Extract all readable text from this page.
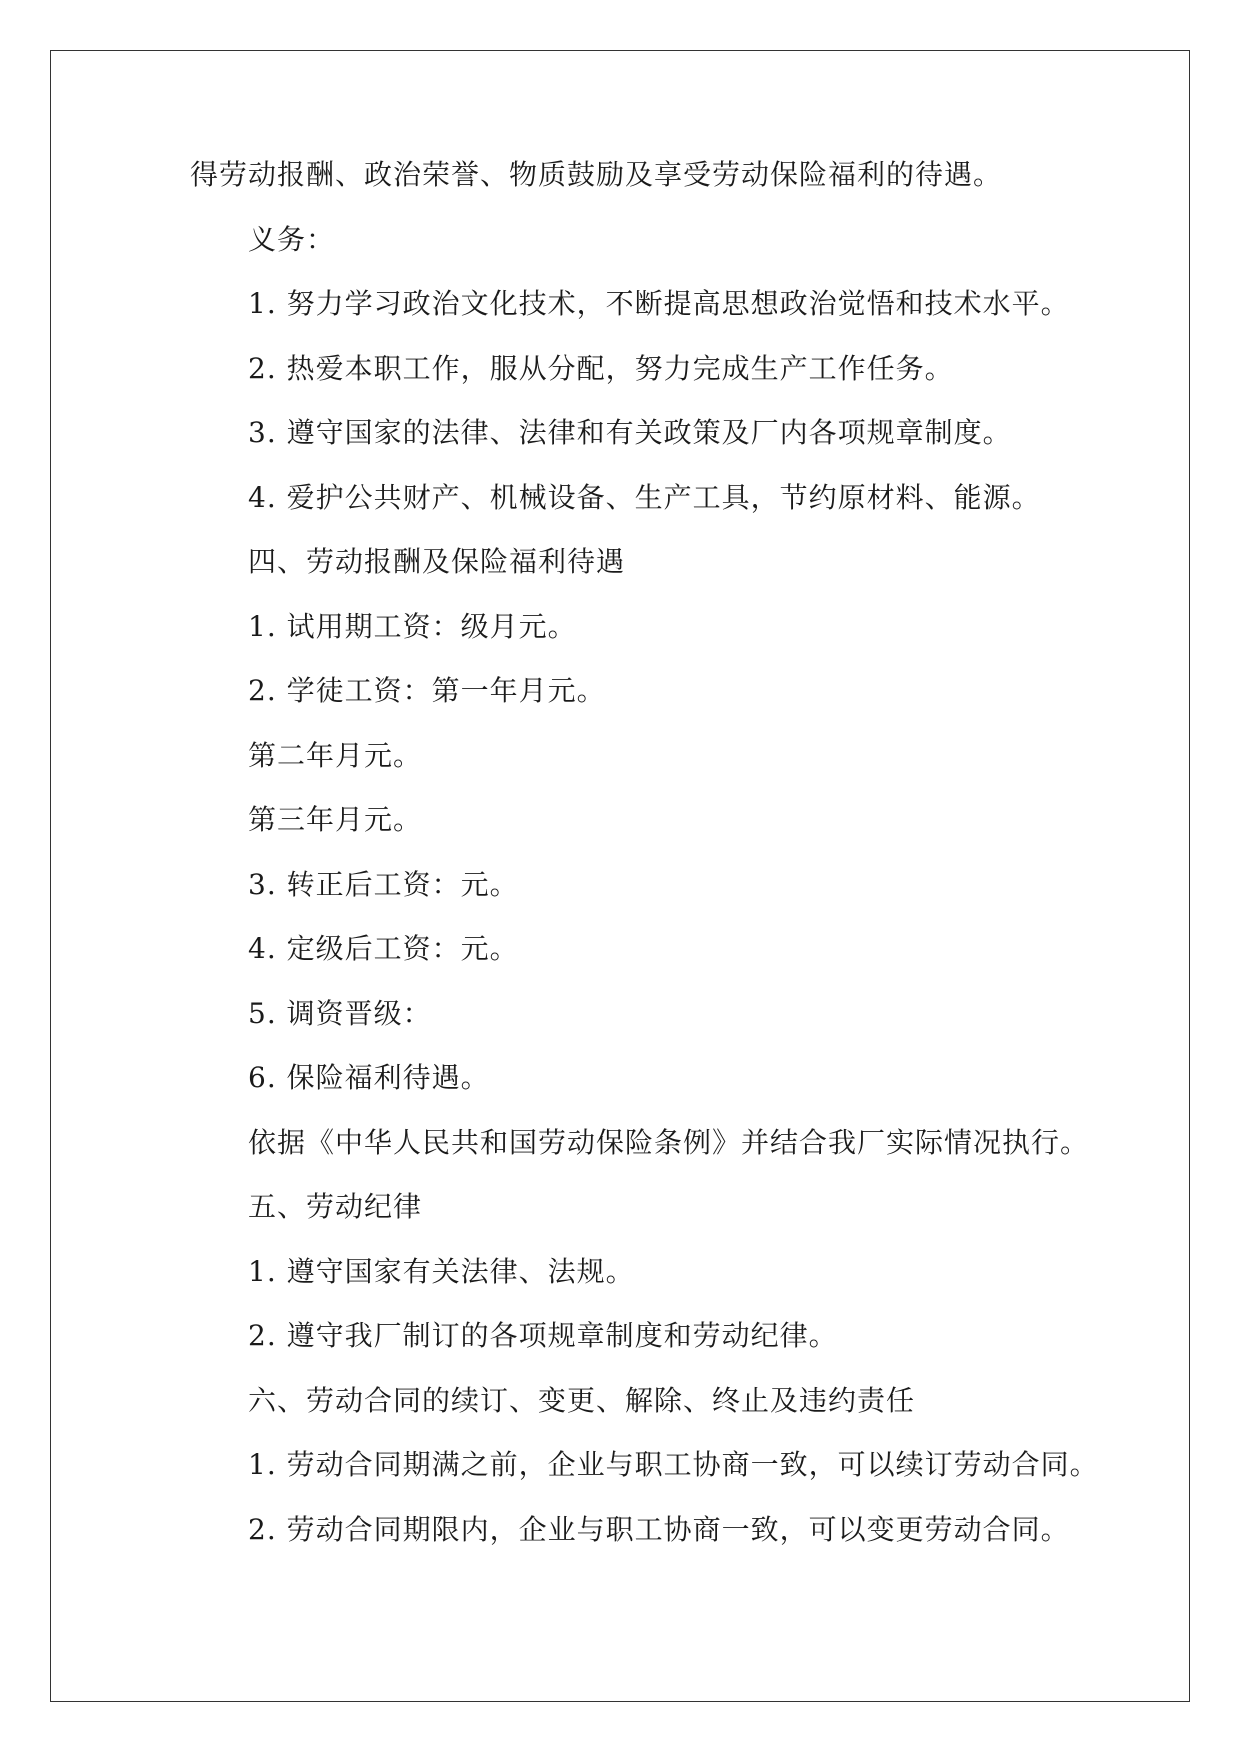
得劳动报酬、政治荣誉、物质鼓励及享受劳动保险福利的待遇。
义务：
1. 努力学习政治文化技术，不断提高思想政治觉悟和技术水平。
2. 热爱本职工作，服从分配，努力完成生产工作任务。
3. 遵守国家的法律、法律和有关政策及厂内各项规章制度。
4. 爱护公共财产、机械设备、生产工具，节约原材料、能源。
四、劳动报酬及保险福利待遇
1. 试用期工资：级月元。
2. 学徒工资：第一年月元。
第二年月元。
第三年月元。
3. 转正后工资：元。
4. 定级后工资：元。
5. 调资晋级：
6. 保险福利待遇。
依据《中华人民共和国劳动保险条例》并结合我厂实际情况执行。
五、劳动纪律
1. 遵守国家有关法律、法规。
2. 遵守我厂制订的各项规章制度和劳动纪律。
六、劳动合同的续订、变更、解除、终止及违约责任
1. 劳动合同期满之前，企业与职工协商一致，可以续订劳动合同。
2. 劳动合同期限内，企业与职工协商一致，可以变更劳动合同。
